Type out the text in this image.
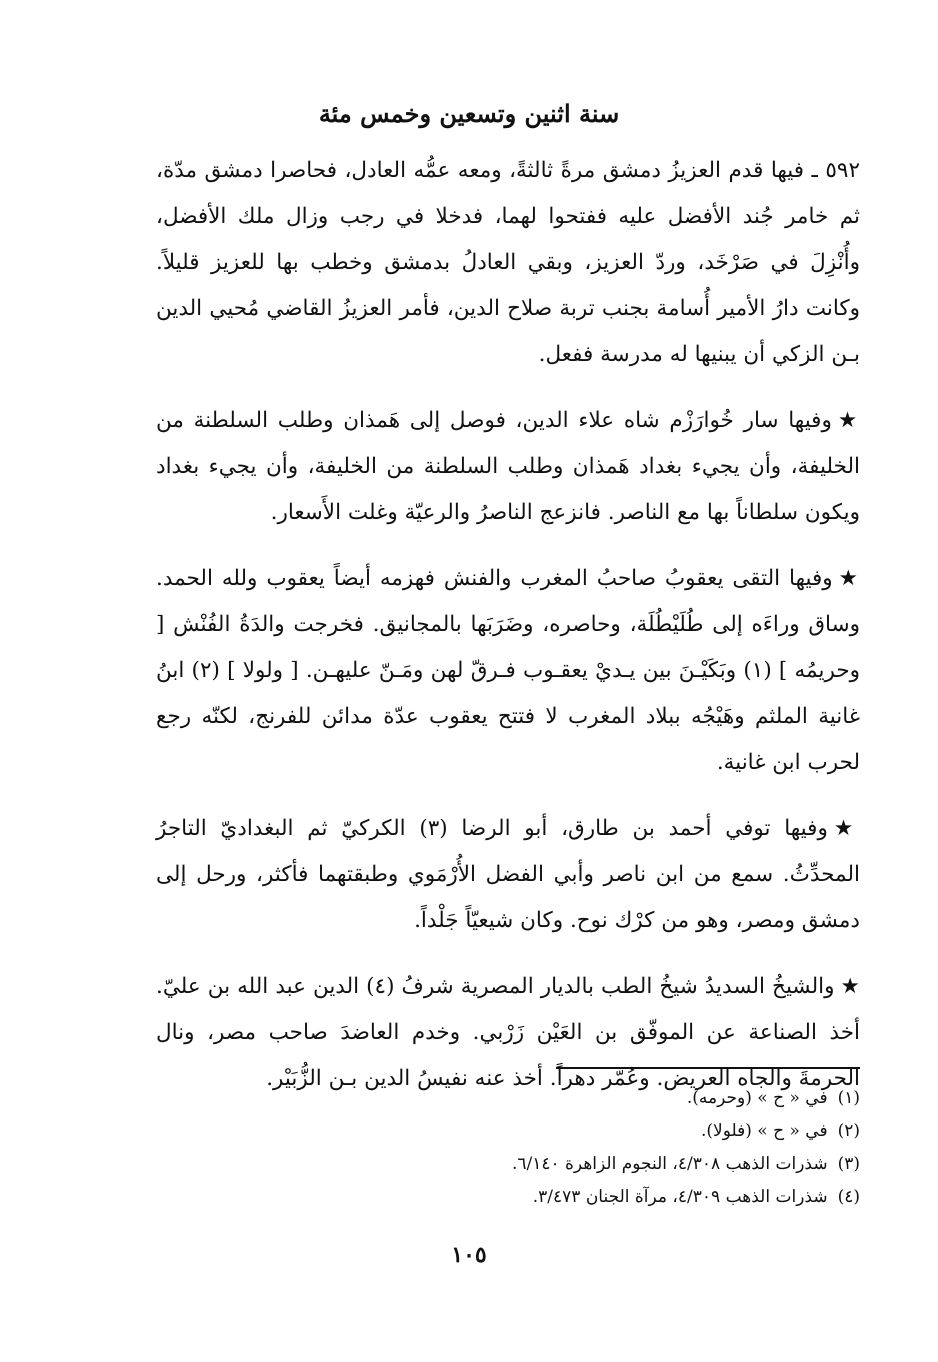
سنة اثنين وتسعين وخمس مئة

٥٩٢ ـ فيها قدم العزيزُ دمشق مرةً ثالثةً، ومعه عمُّه العادل، فحاصرا دمشق مدّة، ثم خامر جُند الأفضل عليه ففتحوا لهما، فدخلا في رجب وزال ملك الأفضل، وأُنْزِلَ في صَرْخَد، وردّ العزيز، وبقي العادلُ بدمشق وخطب بها للعزيز قليلاً. وكانت دارُ الأمير أُسامة بجنب تربة صلاح الدين، فأمر العزيزُ القاضي مُحيي الدين بـن الزكي أن يبنيها له مدرسة ففعل.

★وفيها سار خُوارَزْم شاه علاء الدين، فوصل إلى هَمذان وطلب السلطنة من الخليفة، وأن يجيء بغداد هَمذان وطلب السلطنة من الخليفة، وأن يجيء بغداد ويكون سلطاناً بها مع الناصر. فانزعج الناصرُ والرعيّة وغلت الأَسعار.

★وفيها التقى يعقوبُ صاحبُ المغرب والفنش فهزمه أيضاً يعقوب ولله الحمد. وساق وراءَه إلى طُلَيْطُلَة، وحاصره، وضَرَبَها بالمجانيق. فخرجت والدَةُ الفُنْش [ وحريمُه ] (١) وبَكَيْـنَ بين يـديْ يعقـوب فـرقّ لهن ومَـنّ عليهـن. [ ولولا ] (٢) ابنُ غانية الملثم وهَيْجُه ببلاد المغرب لا فتتح يعقوب عدّة مدائن للفرنج، لكنّه رجع لحرب ابن غانية.

★وفيها توفي أحمد بن طارق، أبو الرضا (٣) الكركيّ ثم البغداديّ التاجرُ المحدِّثُ. سمع من ابن ناصر وأبي الفضل الأُرْمَوي وطبقتهما فأكثر، ورحل إلى دمشق ومصر، وهو من كرْك نوح. وكان شيعيّاً جَلْداً.

★والشيخُ السديدُ شيخُ الطب بالديار المصرية شرفُ (٤) الدين عبد الله بن عليّ. أخذ الصناعة عن الموفّق بن العَيْن زَرْبي. وخدم العاضدَ صاحب مصر، ونال الحرمةَ والجاه العريض. وعُمّر دهراً. أخذ عنه نفيسُ الدين بـن الزُّبَيْر.

(١)في « ح » (وحرمه).

(٢)في « ح » (فلولا).

(٣)شذرات الذهب ٤/٣٠٨، النجوم الزاهرة ٦/١٤٠.

(٤)شذرات الذهب ٤/٣٠٩، مرآة الجنان ٣/٤٧٣.

١٠٥
